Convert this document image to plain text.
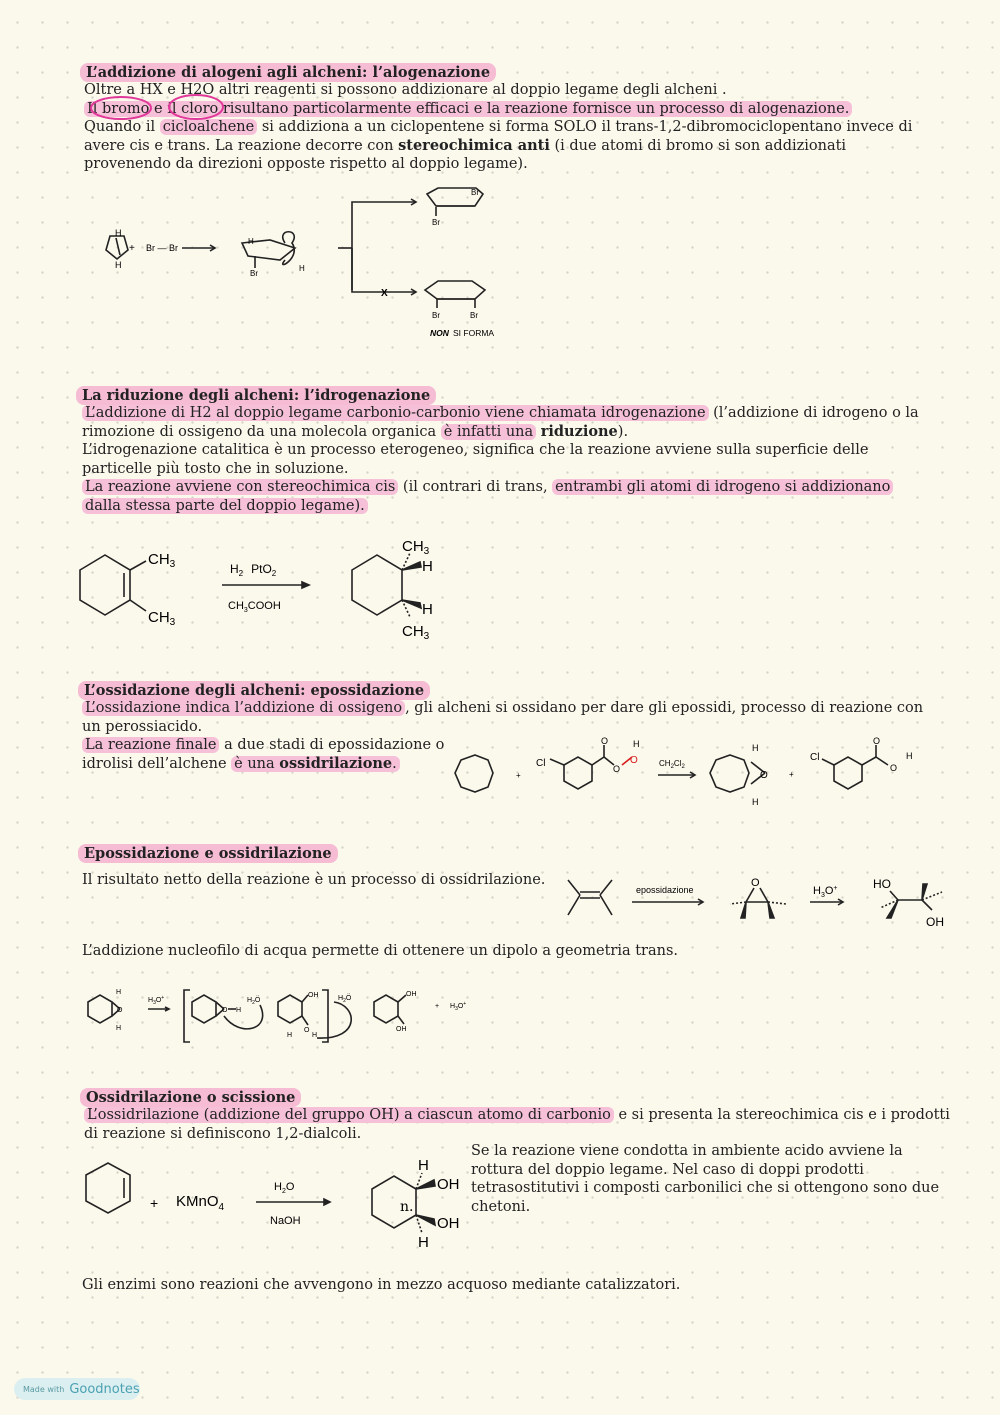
L’addizione di alogeni agli alcheni: l’alogenazione

Oltre a HX e H2O altri reagenti si possono addizionare al doppio legame degli alcheni .

Il bromo e il cloro risultano particolarmente efficaci e la reazione fornisce un processo di alogenazione.

Quando il cicloalchene si addiziona a un ciclopentene si forma SOLO il trans-1,2-dibromociclopentano invece di

avere cis e trans. La reazione decorre con stereochimica anti (i due atomi di bromo si son addizionati

provenendo da direzioni opposte rispetto al doppio legame).

H
H
+ Br — Br
H
Br
H
X
Br
Br
Br	Br
NON SI FORMA
La riduzione degli alcheni: l’idrogenazione

L’addizione di H2 al doppio legame carbonio-carbonio viene chiamata idrogenazione (l’addizione di idrogeno o la

rimozione di ossigeno da una molecola organica è infatti una riduzione).

L’idrogenazione catalitica è un processo eterogeneo, significa che la reazione avviene sulla superficie delle

particelle più tosto che in soluzione.

La reazione avviene con stereochimica cis (il contrari di trans, entrambi gli atomi di idrogeno si addizionano

dalla stessa parte del doppio legame).

$CH_3$
$CH_3$
$H_2$ PtO$_2$
$CH_3COOH$
$CH_3$
H
H
$CH_3$
L’ossidazione degli alcheni: epossidazione

L’ossidazione indica l’addizione di ossigeno , gli alcheni si ossidano per dare gli epossidi, processo di reazione con

un perossiacido.

La reazione finale a due stadi di epossidazione o

idrolisi dell’alchene è una ossidrilazione.

+
Cl
O
O
O
H
$CH_2Cl_2$
O
H
H
+
Cl
O
O
H
Epossidazione e ossidrilazione

Il risultato netto della reazione è un processo di ossidrilazione.

epossidazione
O
$H_3O^+$	HO
OH

L’addizione nucleofilo di acqua permette di ottenere un dipolo a geometria trans.

O
H
H
$H_3O^+$
O H
$H_2Ö$
OH
O
H	H
$H_2Ö$
OH
OH
+ $H_3O^+$
Ossidrilazione o scissione

L’ossidrilazione (addizione del gruppo OH) a ciascun atomo di carbonio e si presenta la stereochimica cis e i prodotti

di reazione si definiscono 1,2-dialcoli.

Se la reazione viene condotta in ambiente acido avviene la

rottura del doppio legame. Nel caso di doppi prodotti

tetrasostitutivi i composti carbonilici che si ottengono sono due

chetoni.

+ KMnO$_4$
$H_2O$
NaOH
H
OH
OH
H
n.

Gli enzimi sono reazioni che avvengono in mezzo acquoso mediante catalizzatori.

Made with Goodnotes
